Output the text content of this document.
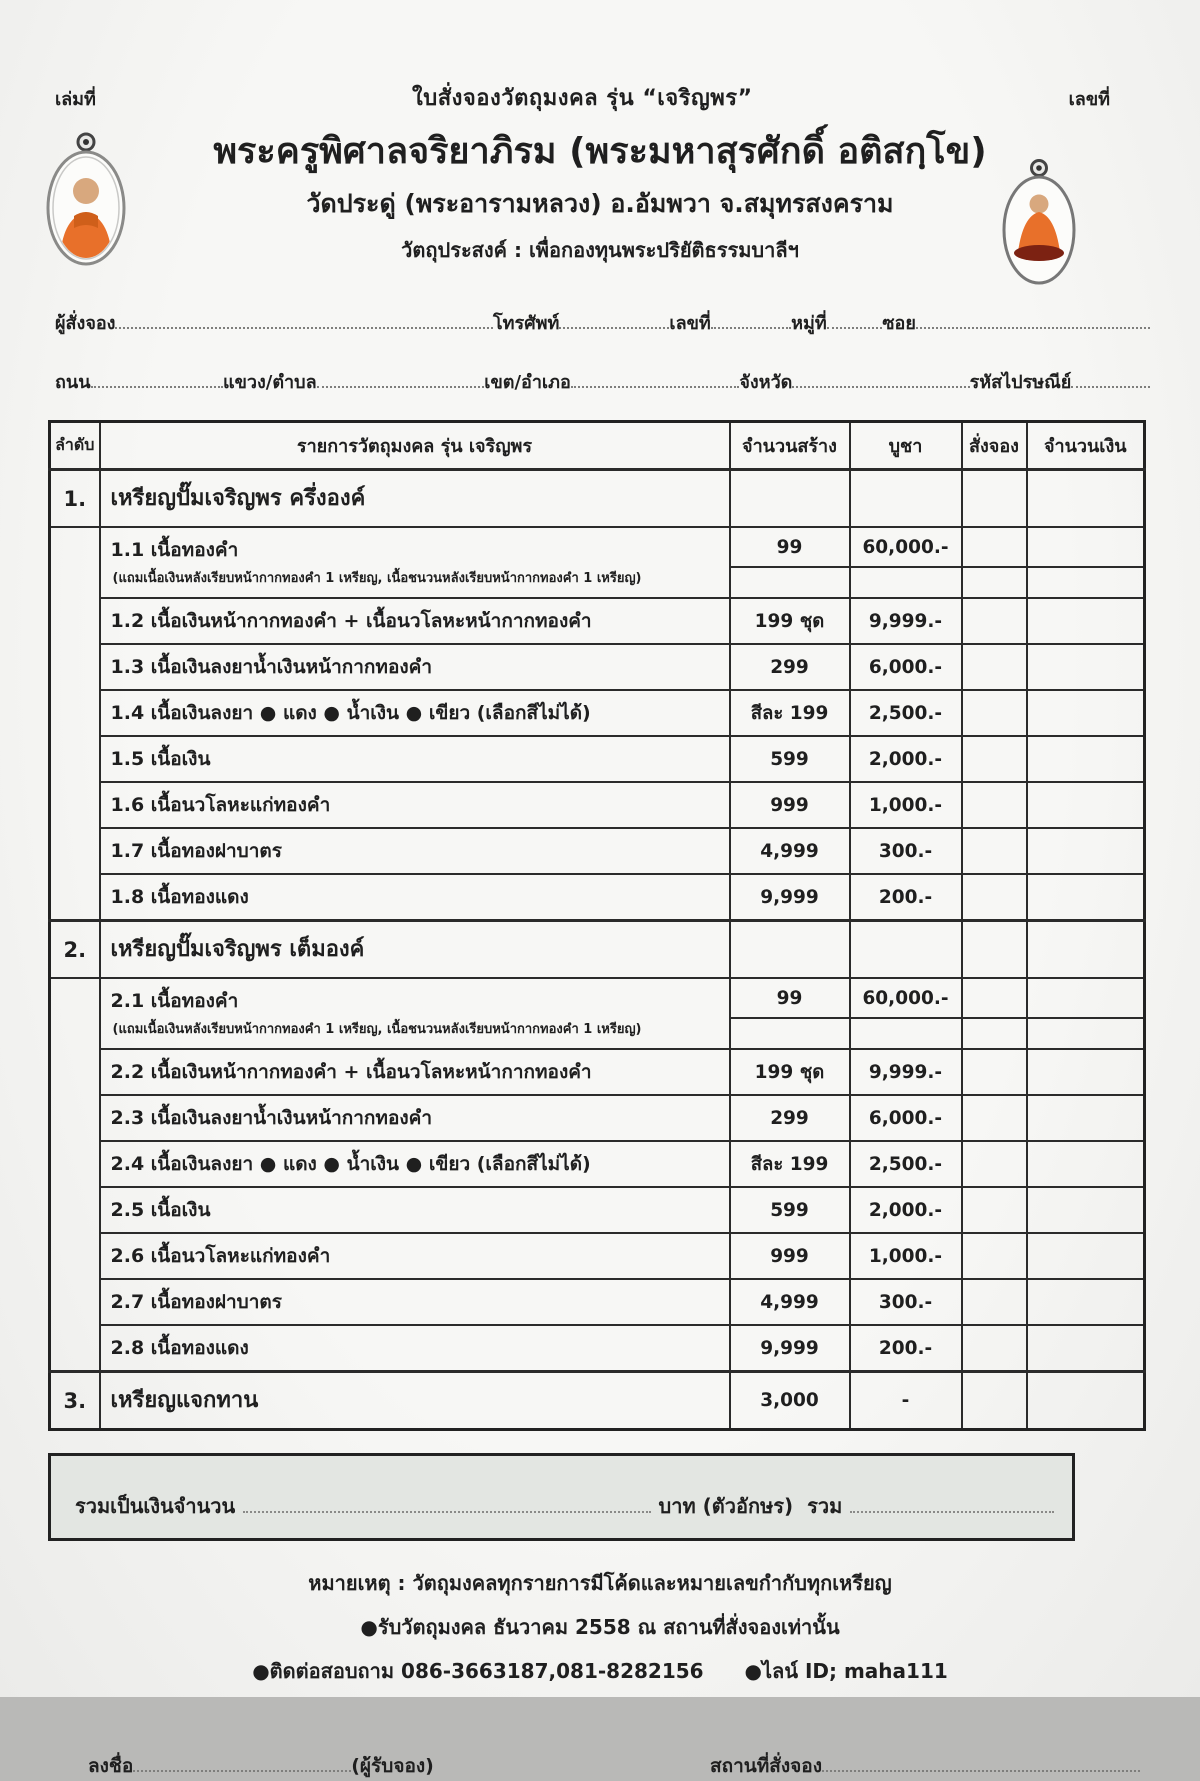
เล่มที่	ใบสั่งจองวัตถุมงคล รุ่น “เจริญพร”	เลขที่
พระครูพิศาลจริยาภิรม (พระมหาสุรศักดิ์ อติสกฺโข)
วัดประดู่ (พระอารามหลวง) อ.อัมพวา จ.สมุทรสงคราม
วัตถุประสงค์ : เพื่อกองทุนพระปริยัติธรรมบาลีฯ
ผู้สั่งจอง	โทรศัพท์	เลขที่	หมู่ที่	ซอย
ถนน	แขวง/ตำบล	เขต/อำเภอ	จังหวัด	รหัสไปรษณีย์
ลำดับ	รายการวัตถุมงคล รุ่น เจริญพร	จำนวนสร้าง	บูชา	สั่งจอง	จำนวนเงิน
1.	เหรียญปั๊มเจริญพร ครึ่งองค์				
	1.1 เนื้อทองคำ	99	60,000.-		
	(แถมเนื้อเงินหลังเรียบหน้ากากทองคำ 1 เหรียญ, เนื้อชนวนหลังเรียบหน้ากากทองคำ 1 เหรียญ)				
	1.2 เนื้อเงินหน้ากากทองคำ + เนื้อนวโลหะหน้ากากทองคำ	199 ชุด	9,999.-		
	1.3 เนื้อเงินลงยาน้ำเงินหน้ากากทองคำ	299	6,000.-		
	1.4 เนื้อเงินลงยา ● แดง ● น้ำเงิน ● เขียว (เลือกสีไม่ได้)	สีละ 199	2,500.-		
	1.5 เนื้อเงิน	599	2,000.-		
	1.6 เนื้อนวโลหะแก่ทองคำ	999	1,000.-		
	1.7 เนื้อทองฝาบาตร	4,999	300.-		
	1.8 เนื้อทองแดง	9,999	200.-		
2.	เหรียญปั๊มเจริญพร เต็มองค์				
	2.1 เนื้อทองคำ	99	60,000.-		
	(แถมเนื้อเงินหลังเรียบหน้ากากทองคำ 1 เหรียญ, เนื้อชนวนหลังเรียบหน้ากากทองคำ 1 เหรียญ)				
	2.2 เนื้อเงินหน้ากากทองคำ + เนื้อนวโลหะหน้ากากทองคำ	199 ชุด	9,999.-		
	2.3 เนื้อเงินลงยาน้ำเงินหน้ากากทองคำ	299	6,000.-		
	2.4 เนื้อเงินลงยา ● แดง ● น้ำเงิน ● เขียว (เลือกสีไม่ได้)	สีละ 199	2,500.-		
	2.5 เนื้อเงิน	599	2,000.-		
	2.6 เนื้อนวโลหะแก่ทองคำ	999	1,000.-		
	2.7 เนื้อทองฝาบาตร	4,999	300.-		
	2.8 เนื้อทองแดง	9,999	200.-		
3.	เหรียญแจกทาน	3,000	-		
รวมเป็นเงินจำนวน	บาท (ตัวอักษร) รวม

หมายเหตุ : วัตถุมงคลทุกรายการมีโค้ดและหมายเลขกำกับทุกเหรียญ

●รับวัตถุมงคล ธันวาคม 2558 ณ สถานที่สั่งจองเท่านั้น

●ติดต่อสอบถาม 086-3663187,081-8282156 ●ไลน์ ID; maha111

ลงชื่อ	(ผู้รับจอง)	สถานที่สั่งจอง
